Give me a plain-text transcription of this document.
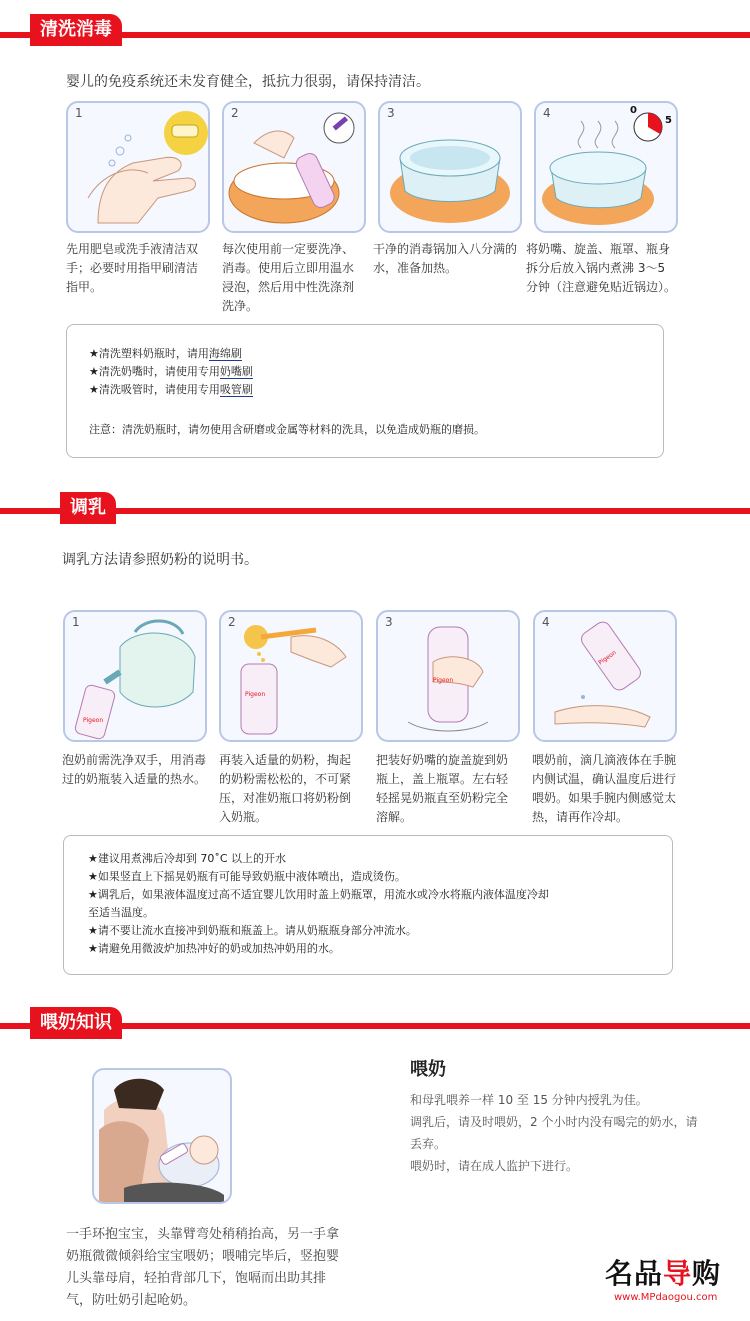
清洗消毒
婴儿的免疫系统还未发育健全，抵抗力很弱，请保持清洁。
1	2	3	4	0
5
先用肥皂或洗手液清洁双手；必要时用指甲刷清洁指甲。
每次使用前一定要洗净、消毒。使用后立即用温水浸泡，然后用中性洗涤剂洗净。
干净的消毒锅加入八分满的水，准备加热。
将奶嘴、旋盖、瓶罩、瓶身拆分后放入锅内煮沸 3～5 分钟（注意避免贴近锅边）。
★清洗塑料奶瓶时，请用海绵刷
★清洗奶嘴时，请使用专用奶嘴刷
★清洗吸管时，请使用专用吸管刷
注意：清洗奶瓶时，请勿使用含研磨或金属等材料的洗具，以免造成奶瓶的磨损。
调乳
调乳方法请参照奶粉的说明书。
Pigeon
1
Pigeon
2
Pigeon
3
Pigeon
4
泡奶前需洗净双手，用消毒过的奶瓶装入适量的热水。
再装入适量的奶粉，掏起的奶粉需松松的，不可紧压，对准奶瓶口将奶粉倒入奶瓶。
把装好奶嘴的旋盖旋到奶瓶上，盖上瓶罩。左右轻轻摇晃奶瓶直至奶粉完全溶解。
喂奶前，滴几滴液体在手腕内侧试温，确认温度后进行喂奶。如果手腕内侧感觉太热，请再作冷却。
★建议用煮沸后冷却到 70˚C 以上的开水
★如果竖直上下摇晃奶瓶有可能导致奶瓶中液体喷出，造成烫伤。
★调乳后，如果液体温度过高不适宜婴儿饮用时盖上奶瓶罩，用流水或冷水将瓶内液体温度冷却
至适当温度。
★请不要让流水直接冲到奶瓶和瓶盖上。请从奶瓶瓶身部分冲流水。
★请避免用微波炉加热冲好的奶或加热冲奶用的水。
喂奶知识
喂奶
和母乳喂养一样 10 至 15 分钟内授乳为佳。
调乳后，请及时喂奶，2 个小时内没有喝完的奶水，请丢弃。
喂奶时，请在成人监护下进行。
一手环抱宝宝，头靠臂弯处稍稍抬高，另一手拿奶瓶微微倾斜给宝宝喂奶；喂哺完毕后，竖抱婴儿头靠母肩，轻拍背部几下，饱嗝而出助其排气，防吐奶引起呛奶。
名品导购
www.MPdaogou.com
